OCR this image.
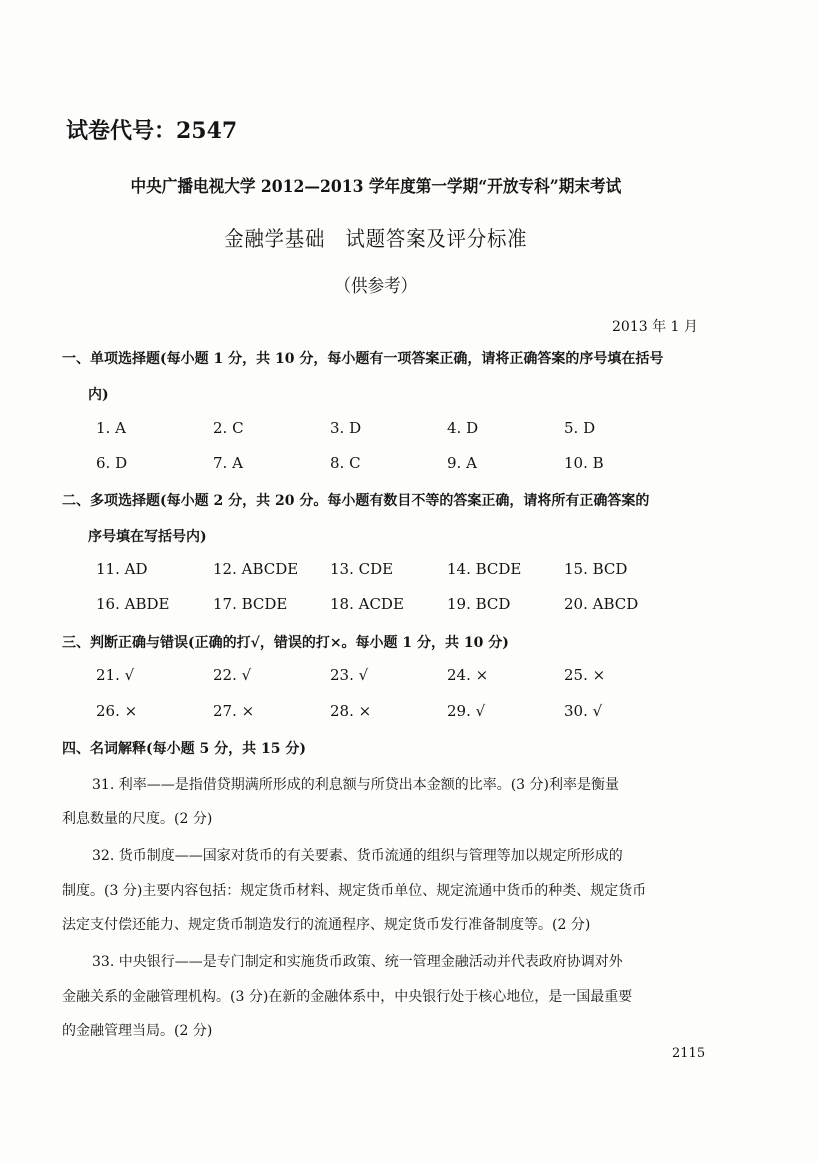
试卷代号：2547
中央广播电视大学 2012—2013 学年度第一学期“开放专科”期末考试
金融学基础　试题答案及评分标准
（供参考）
2013 年 1 月
一、单项选择题(每小题 1 分，共 10 分，每小题有一项答案正确，请将正确答案的序号填在括号
内)
1. A	2. C	3. D	4. D	5. D
6. D	7. A	8. C	9. A	10. B
二、多项选择题(每小题 2 分，共 20 分。每小题有数目不等的答案正确，请将所有正确答案的
序号填在写括号内)
11. AD	12. ABCDE 13. CDE	14. BCDE	15. BCD
16. ABDE	17. BCDE	18. ACDE	19. BCD	20. ABCD
三、判断正确与错误(正确的打√，错误的打×。每小题 1 分，共 10 分)
21. √	22. √	23. √	24. ×	25. ×
26. ×	27. ×	28. ×	29. √	30. √
四、名词解释(每小题 5 分，共 15 分)
31. 利率——是指借贷期满所形成的利息额与所贷出本金额的比率。(3 分)利率是衡量
利息数量的尺度。(2 分)
32. 货币制度——国家对货币的有关要素、货币流通的组织与管理等加以规定所形成的
制度。(3 分)主要内容包括：规定货币材料、规定货币单位、规定流通中货币的种类、规定货币
法定支付偿还能力、规定货币制造发行的流通程序、规定货币发行准备制度等。(2 分)
33. 中央银行——是专门制定和实施货币政策、统一管理金融活动并代表政府协调对外
金融关系的金融管理机构。(3 分)在新的金融体系中，中央银行处于核心地位，是一国最重要
的金融管理当局。(2 分)
2115
